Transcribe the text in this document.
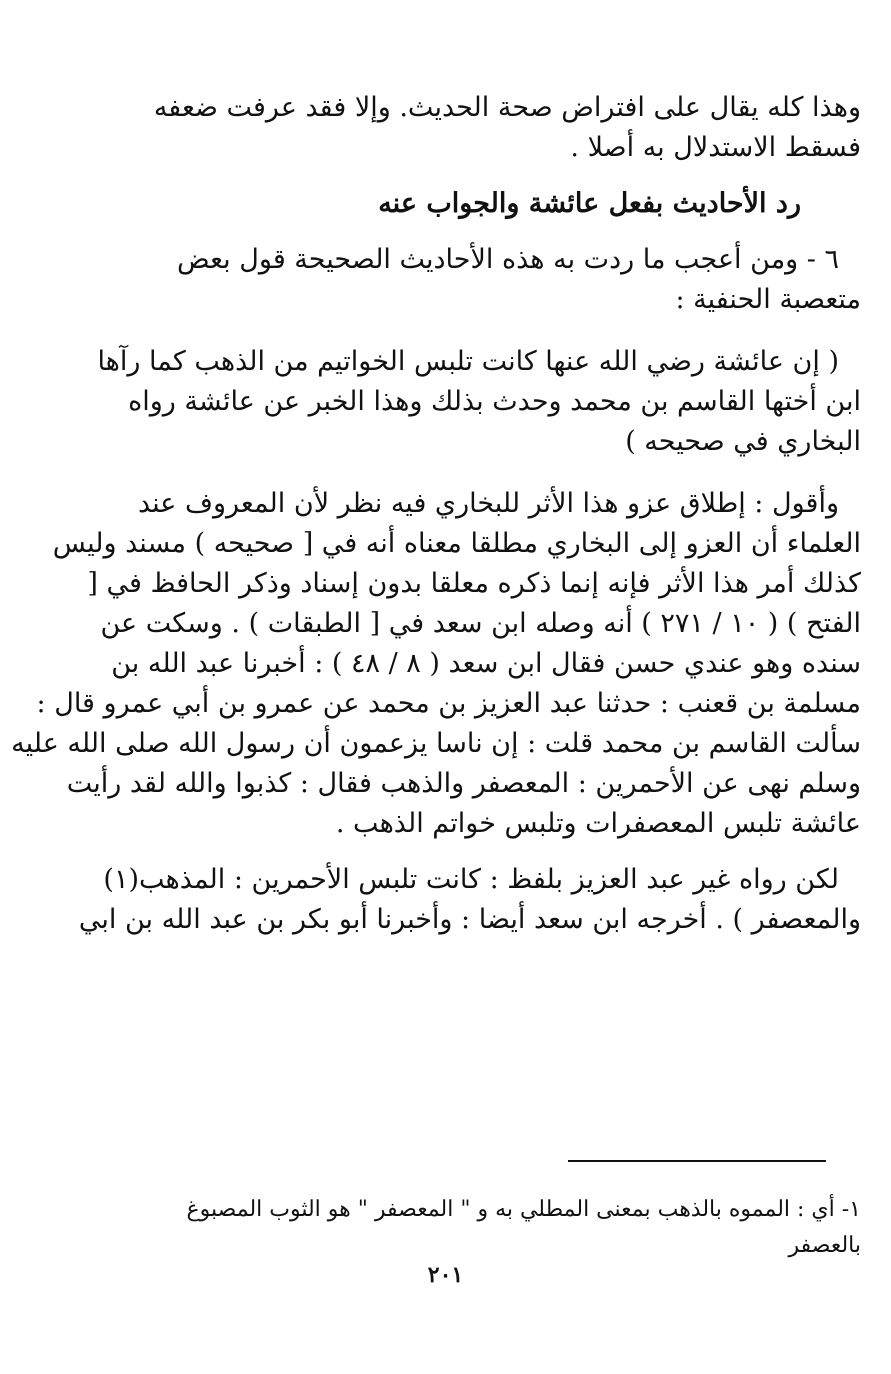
وهذا كله يقال على افتراض صحة الحديث. وإلا فقد عرفت ضعفه
فسقط الاستدلال به أصلا .
رد الأحاديث بفعل عائشة والجواب عنه
٦ - ومن أعجب ما ردت به هذه الأحاديث الصحيحة قول بعض
متعصبة الحنفية :
( إن عائشة رضي الله عنها كانت تلبس الخواتيم من الذهب كما رآها
ابن أختها القاسم بن محمد وحدث بذلك وهذا الخبر عن عائشة رواه
البخاري في صحيحه )
وأقول : إطلاق عزو هذا الأثر للبخاري فيه نظر لأن المعروف عند
العلماء أن العزو إلى البخاري مطلقا معناه أنه في [ صحيحه ) مسند وليس
كذلك أمر هذا الأثر فإنه إنما ذكره معلقا بدون إسناد وذكر الحافظ في [
الفتح ) ( ١٠ / ٢٧١ ) أنه وصله ابن سعد في [ الطبقات ) . وسكت عن
سنده وهو عندي حسن فقال ابن سعد ( ٨ / ٤٨ ) : أخبرنا عبد الله بن
مسلمة بن قعنب : حدثنا عبد العزيز بن محمد عن عمرو بن أبي عمرو قال :
سألت القاسم بن محمد قلت : إن ناسا يزعمون أن رسول الله صلى الله عليه
وسلم نهى عن الأحمرين : المعصفر والذهب فقال : كذبوا والله لقد رأيت
عائشة تلبس المعصفرات وتلبس خواتم الذهب .
لكن رواه غير عبد العزيز بلفظ : كانت تلبس الأحمرين : المذهب(١)
والمعصفر ) . أخرجه ابن سعد أيضا : وأخبرنا أبو بكر بن عبد الله بن ابي
١- أي : المموه بالذهب بمعنى المطلي به و " المعصفر " هو الثوب المصبوغ
بالعصفر
٢٠١
